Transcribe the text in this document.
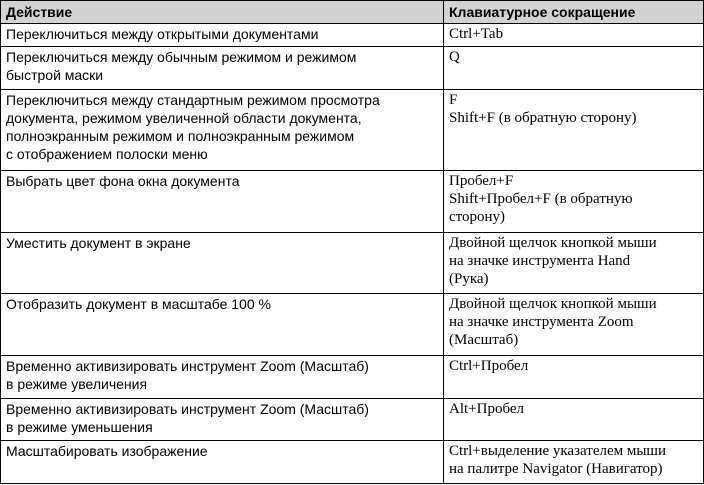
Действие	Клавиатурное сокращение

Переключиться между открытыми документами	Ctrl+Tab

Переключиться между обычным режимом и режимом
быстрой маски	Q

Переключиться между стандартным режимом просмотра
документа, режимом увеличенной области документа,
полноэкранным режимом и полноэкранным режимом
с отображением полоски меню	F
Shift+F (в обратную сторону)

Выбрать цвет фона окна документа	Пробел+F
Shift+Пробел+F (в обратную
сторону)

Уместить документ в экране	Двойной щелчок кнопкой мыши
на значке инструмента Hand
(Рука)

Отобразить документ в масштабе 100 %	Двойной щелчок кнопкой мыши
на значке инструмента Zoom
(Масштаб)

Временно активизировать инструмент Zoom (Масштаб)
в режиме увеличения	Ctrl+Пробел

Временно активизировать инструмент Zoom (Масштаб)
в режиме уменьшения	Alt+Пробел

Масштабировать изображение	Ctrl+выделение указателем мыши
на палитре Navigator (Навигатор)
